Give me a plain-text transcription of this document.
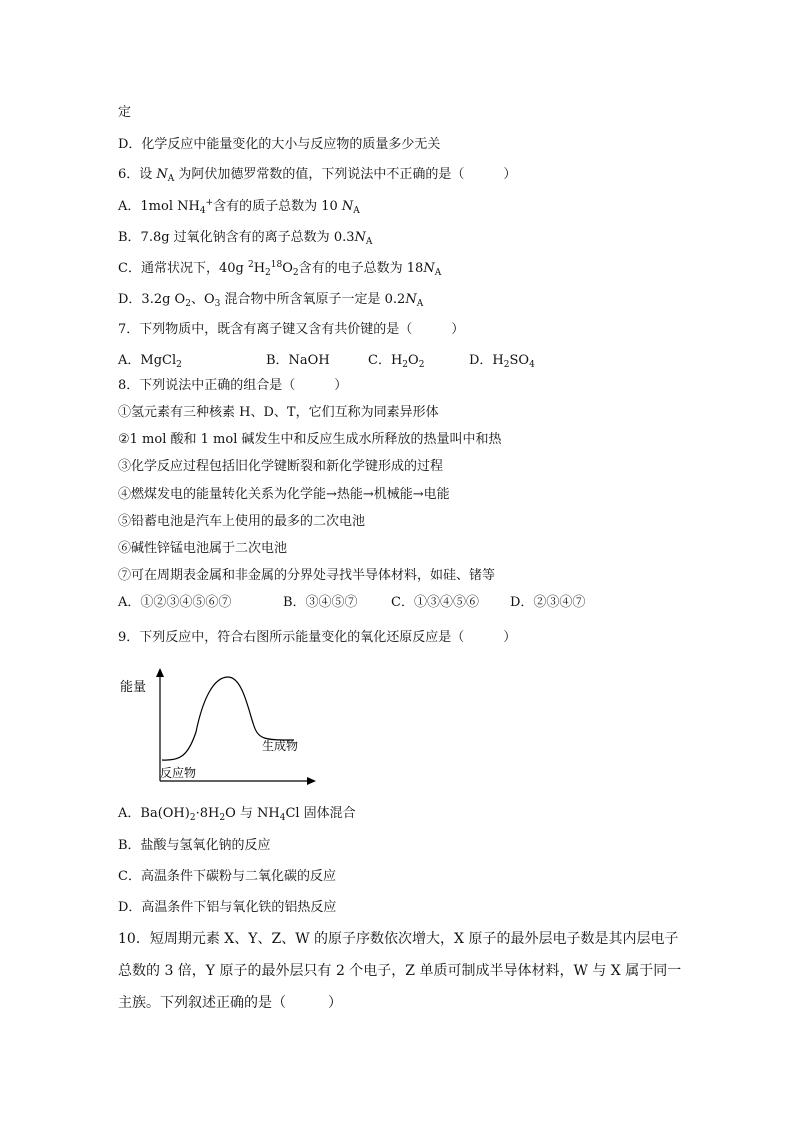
定
D．化学反应中能量变化的大小与反应物的质量多少无关
6．设 $N_A$ 为阿伏加德罗常数的值，下列说法中不正确的是（　　　）
A．1mol $NH_4^+$含有的质子总数为 10 $N_A$
B．7.8g 过氧化钠含有的离子总数为 $0.3N_A$
C．通常状况下，40g $^2H_2^{18}O_2$含有的电子总数为 $18N_A$
D．3.2g $O_2$、$O_3$ 混合物中所含氧原子一定是 $0.2N_A$
7．下列物质中，既含有离子键又含有共价键的是（　　　）
A．MgCl$_2$	B．NaOH	C．$H_2O_2$	D．$H_2SO_4$
8．下列说法中正确的组合是（　　　）
①氢元素有三种核素 H、D、T，它们互称为同素异形体
②1 mol 酸和 1 mol 碱发生中和反应生成水所释放的热量叫中和热
③化学反应过程包括旧化学键断裂和新化学键形成的过程
④燃煤发电的能量转化关系为化学能→热能→机械能→电能
⑤铅蓄电池是汽车上使用的最多的二次电池
⑥碱性锌锰电池属于二次电池
⑦可在周期表金属和非金属的分界处寻找半导体材料，如硅、锗等
A．①②③④⑤⑥⑦	B．③④⑤⑦	C．①③④⑤⑥ D．②③④⑦
9．下列反应中，符合右图所示能量变化的氧化还原反应是（　　　）
能量
生成物
反应物
A．$Ba(OH)_2\cdot 8H_2O$ 与 $NH_4Cl$ 固体混合
B．盐酸与氢氧化钠的反应
C．高温条件下碳粉与二氧化碳的反应
D．高温条件下铝与氧化铁的铝热反应
10．短周期元素 X、Y、Z、W 的原子序数依次增大，X 原子的最外层电子数是其内层电子
总数的 3 倍，Y 原子的最外层只有 2 个电子，Z 单质可制成半导体材料，W 与 X 属于同一
主族。下列叙述正确的是（　　　）
